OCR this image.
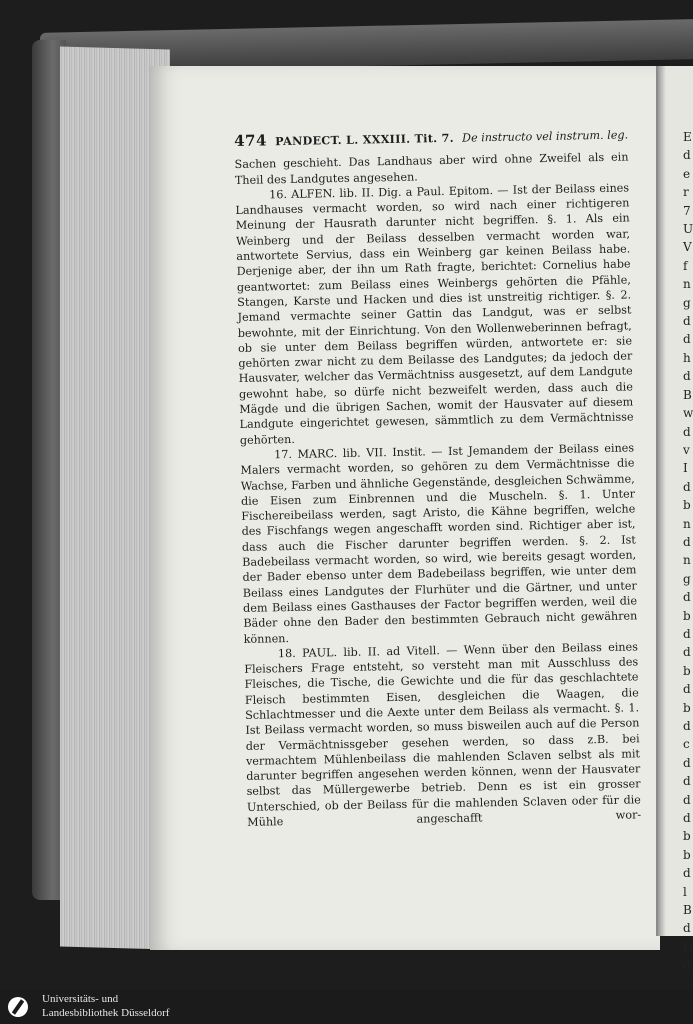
E
d
e
r
7
U
V
f
n
g
d
d
h
d
B
w
d
v
I
d
b
n
d
n
g
d
b
d
d
b
d
b
d
c
d
d
d
d
b
b
d
l
B
d
D
d
474 PANDECT. L. XXXIII. Tit. 7. De instructo vel instrum. leg.

Sachen geschieht. Das Landhaus aber wird ohne Zweifel als ein Theil des Landgutes angesehen.

16. ALFEN. lib. II. Dig. a Paul. Epitom. — Ist der Beilass eines Landhauses vermacht worden, so wird nach einer richtigeren Meinung der Hausrath darunter nicht begriffen. §. 1. Als ein Weinberg und der Beilass desselben vermacht worden war, antwortete Servius, dass ein Weinberg gar keinen Beilass habe. Derjenige aber, der ihn um Rath fragte, berichtet: Cornelius habe geantwortet: zum Beilass eines Weinbergs gehörten die Pfähle, Stangen, Karste und Hacken und dies ist unstreitig richtiger. §. 2. Jemand vermachte seiner Gattin das Landgut, was er selbst bewohnte, mit der Einrichtung. Von den Wollenweberinnen befragt, ob sie unter dem Beilass begriffen würden, antwortete er: sie gehörten zwar nicht zu dem Beilasse des Landgutes; da jedoch der Hausvater, welcher das Vermächtniss ausgesetzt, auf dem Landgute gewohnt habe, so dürfe nicht bezweifelt werden, dass auch die Mägde und die übrigen Sachen, womit der Hausvater auf diesem Landgute eingerichtet gewesen, sämmtlich zu dem Vermächtnisse gehörten.

17. MARC. lib. VII. Instit. — Ist Jemandem der Beilass eines Malers vermacht worden, so gehören zu dem Vermächtnisse die Wachse, Farben und ähnliche Gegenstände, desgleichen Schwämme, die Eisen zum Einbrennen und die Muscheln. §. 1. Unter Fischereibeilass werden, sagt Aristo, die Kähne begriffen, welche des Fischfangs wegen angeschafft worden sind. Richtiger aber ist, dass auch die Fischer darunter begriffen werden. §. 2. Ist Badebeilass vermacht worden, so wird, wie bereits gesagt worden, der Bader ebenso unter dem Badebeilass begriffen, wie unter dem Beilass eines Landgutes der Flurhüter und die Gärtner, und unter dem Beilass eines Gasthauses der Factor begriffen werden, weil die Bäder ohne den Bader den bestimmten Gebrauch nicht gewähren können.

18. PAUL. lib. II. ad Vitell. — Wenn über den Beilass eines Fleischers Frage entsteht, so versteht man mit Ausschluss des Fleisches, die Tische, die Gewichte und die für das geschlachtete Fleisch bestimmten Eisen, desgleichen die Waagen, die Schlachtmesser und die Aexte unter dem Beilass als vermacht. §. 1. Ist Beilass vermacht worden, so muss bisweilen auch auf die Person der Vermächtnissgeber gesehen werden, so dass z.B. bei vermachtem Mühlenbeilass die mahlenden Sclaven selbst als mit darunter begriffen angesehen werden können, wenn der Hausvater selbst das Müllergewerbe betrieb. Denn es ist ein grosser Unterschied, ob der Beilass für die mahlenden Sclaven oder für die Mühle angeschafft wor-

Universitäts- und
Landesbibliothek Düsseldorf
